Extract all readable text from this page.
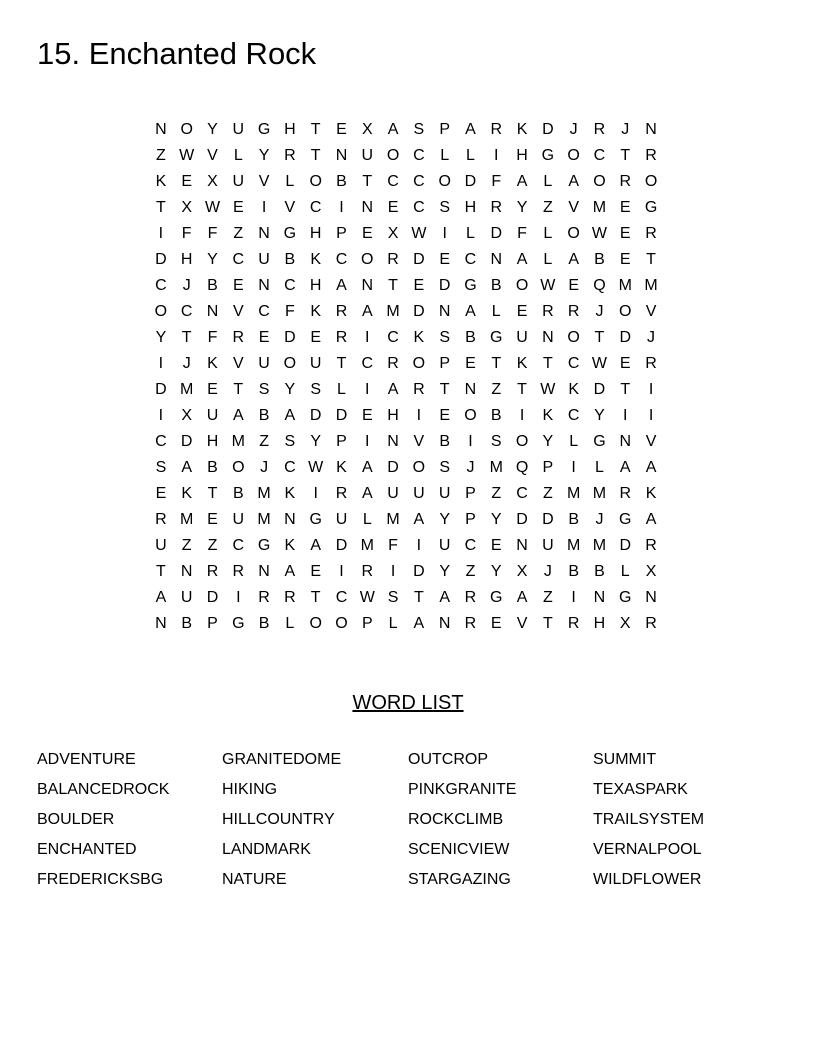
15. Enchanted Rock
N	O	Y	U	G	H	T	E	X	A	S	P	A	R	K	D	J	R	J	N
Z	W	V	L	Y	R	T	N	U	O	C	L	L	I	H	G	O	C	T	R
K	E	X	U	V	L	O	B	T	C	C	O	D	F	A	L	A	O	R	O
T	X	W	E	I	V	C	I	N	E	C	S	H	R	Y	Z	V	M	E	G
I	F	F	Z	N	G	H	P	E	X	W	I	L	D	F	L	O	W	E	R
D	H	Y	C	U	B	K	C	O	R	D	E	C	N	A	L	A	B	E	T
C	J	B	E	N	C	H	A	N	T	E	D	G	B	O	W	E	Q	M	M
O	C	N	V	C	F	K	R	A	M	D	N	A	L	E	R	R	J	O	V
Y	T	F	R	E	D	E	R	I	C	K	S	B	G	U	N	O	T	D	J
I	J	K	V	U	O	U	T	C	R	O	P	E	T	K	T	C	W	E	R
D	M	E	T	S	Y	S	L	I	A	R	T	N	Z	T	W	K	D	T	I
I	X	U	A	B	A	D	D	E	H	I	E	O	B	I	K	C	Y	I	I
C	D	H	M	Z	S	Y	P	I	N	V	B	I	S	O	Y	L	G	N	V
S	A	B	O	J	C	W	K	A	D	O	S	J	M	Q	P	I	L	A	A
E	K	T	B	M	K	I	R	A	U	U	U	P	Z	C	Z	M	M	R	K
R	M	E	U	M	N	G	U	L	M	A	Y	P	Y	D	D	B	J	G	A
U	Z	Z	C	G	K	A	D	M	F	I	U	C	E	N	U	M	M	D	R
T	N	R	R	N	A	E	I	R	I	D	Y	Z	Y	X	J	B	B	L	X
A	U	D	I	R	R	T	C	W	S	T	A	R	G	A	Z	I	N	G	N
N	B	P	G	B	L	O	O	P	L	A	N	R	E	V	T	R	H	X	R
WORD LIST
ADVENTURE
BALANCEDROCK
BOULDER
ENCHANTED
FREDERICKSBG
GRANITEDOME
HIKING
HILLCOUNTRY
LANDMARK
NATURE
OUTCROP
PINKGRANITE
ROCKCLIMB
SCENICVIEW
STARGAZING
SUMMIT
TEXASPARK
TRAILSYSTEM
VERNALPOOL
WILDFLOWER
